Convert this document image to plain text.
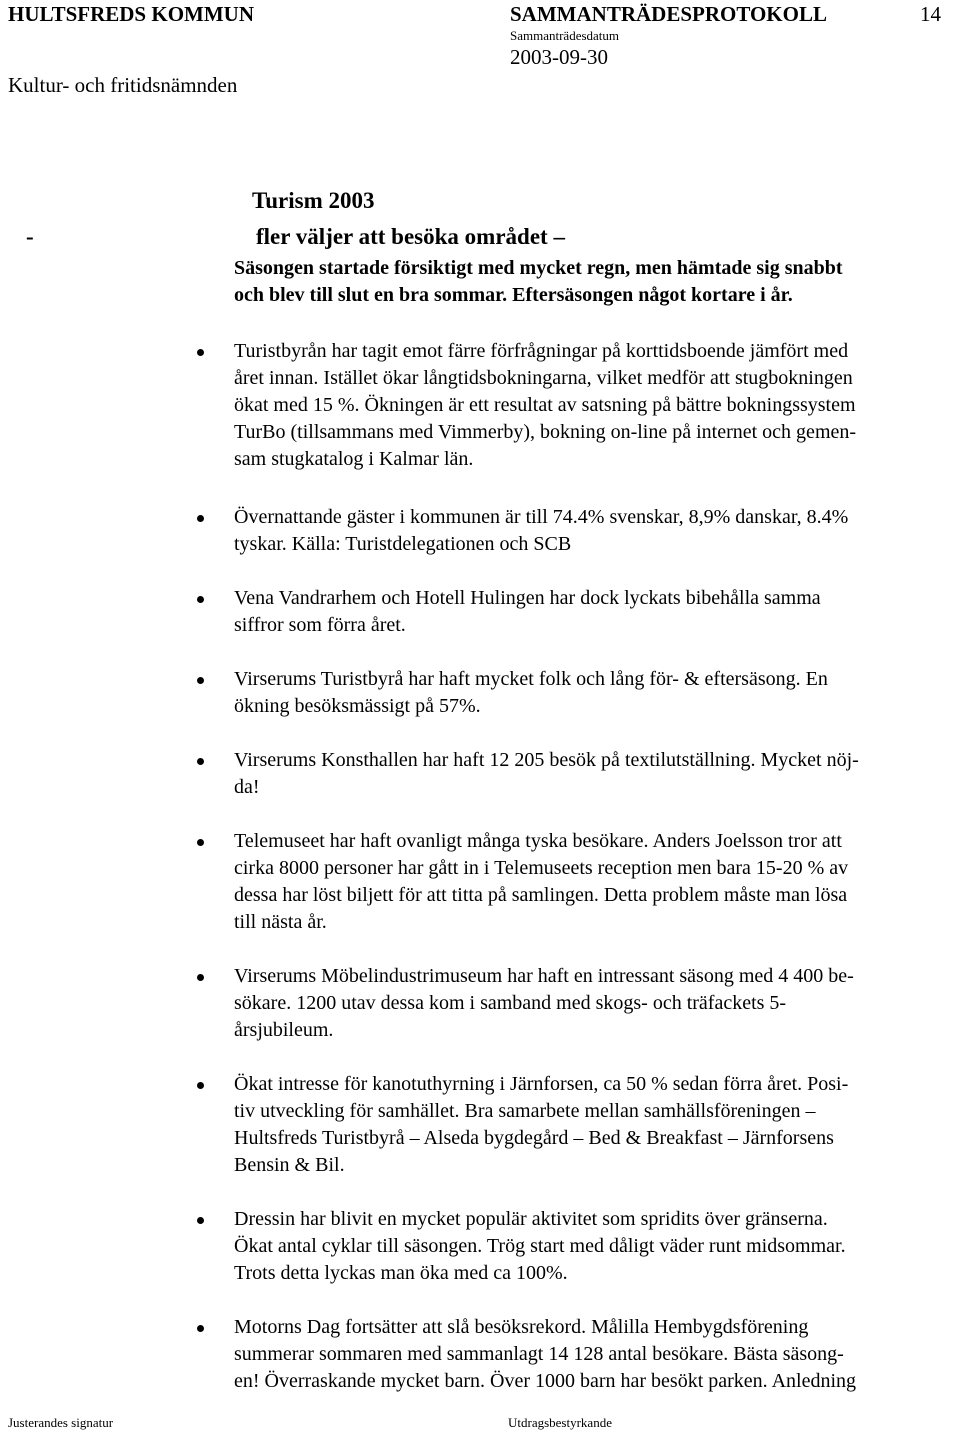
HULTSFREDS KOMMUN	SAMMANTRÄDESPROTOKOLL	14
Sammanträdesdatum
2003-09-30
Kultur- och fritidsnämnden
Turism 2003
-	fler väljer att besöka området –
Säsongen startade försiktigt med mycket regn, men hämtade sig snabbt
och blev till slut en bra sommar. Eftersäsongen något kortare i år.
Turistbyrån har tagit emot färre förfrågningar på korttidsboende jämfört med
året innan. Istället ökar långtidsbokningarna, vilket medför att stugbokningen
ökat med 15 %. Ökningen är ett resultat av satsning på bättre bokningssystem
TurBo (tillsammans med Vimmerby), bokning on-line på internet och gemen-
sam stugkatalog i Kalmar län.
Övernattande gäster i kommunen är till 74.4% svenskar, 8,9% danskar, 8.4%
tyskar. Källa: Turistdelegationen och SCB
Vena Vandrarhem och Hotell Hulingen har dock lyckats bibehålla samma
siffror som förra året.
Virserums Turistbyrå har haft mycket folk och lång för- & eftersäsong. En
ökning besöksmässigt på 57%.
Virserums Konsthallen har haft 12 205 besök på textilutställning. Mycket nöj-
da!
Telemuseet har haft ovanligt många tyska besökare. Anders Joelsson tror att
cirka 8000 personer har gått in i Telemuseets reception men bara 15-20 % av
dessa har löst biljett för att titta på samlingen. Detta problem måste man lösa
till nästa år.
Virserums Möbelindustrimuseum har haft en intressant säsong med 4 400 be-
sökare. 1200 utav dessa kom i samband med skogs- och träfackets 5-
årsjubileum.
Ökat intresse för kanotuthyrning i Järnforsen, ca 50 % sedan förra året. Posi-
tiv utveckling för samhället. Bra samarbete mellan samhällsföreningen –
Hultsfreds Turistbyrå – Alseda bygdegård – Bed & Breakfast – Järnforsens
Bensin & Bil.
Dressin har blivit en mycket populär aktivitet som spridits över gränserna.
Ökat antal cyklar till säsongen. Trög start med dåligt väder runt midsommar.
Trots detta lyckas man öka med ca 100%.
Motorns Dag fortsätter att slå besöksrekord. Målilla Hembygdsförening
summerar sommaren med sammanlagt 14 128 antal besökare. Bästa säsong-
en! Överraskande mycket barn. Över 1000 barn har besökt parken. Anledning
Justerandes signatur	Utdragsbestyrkande
